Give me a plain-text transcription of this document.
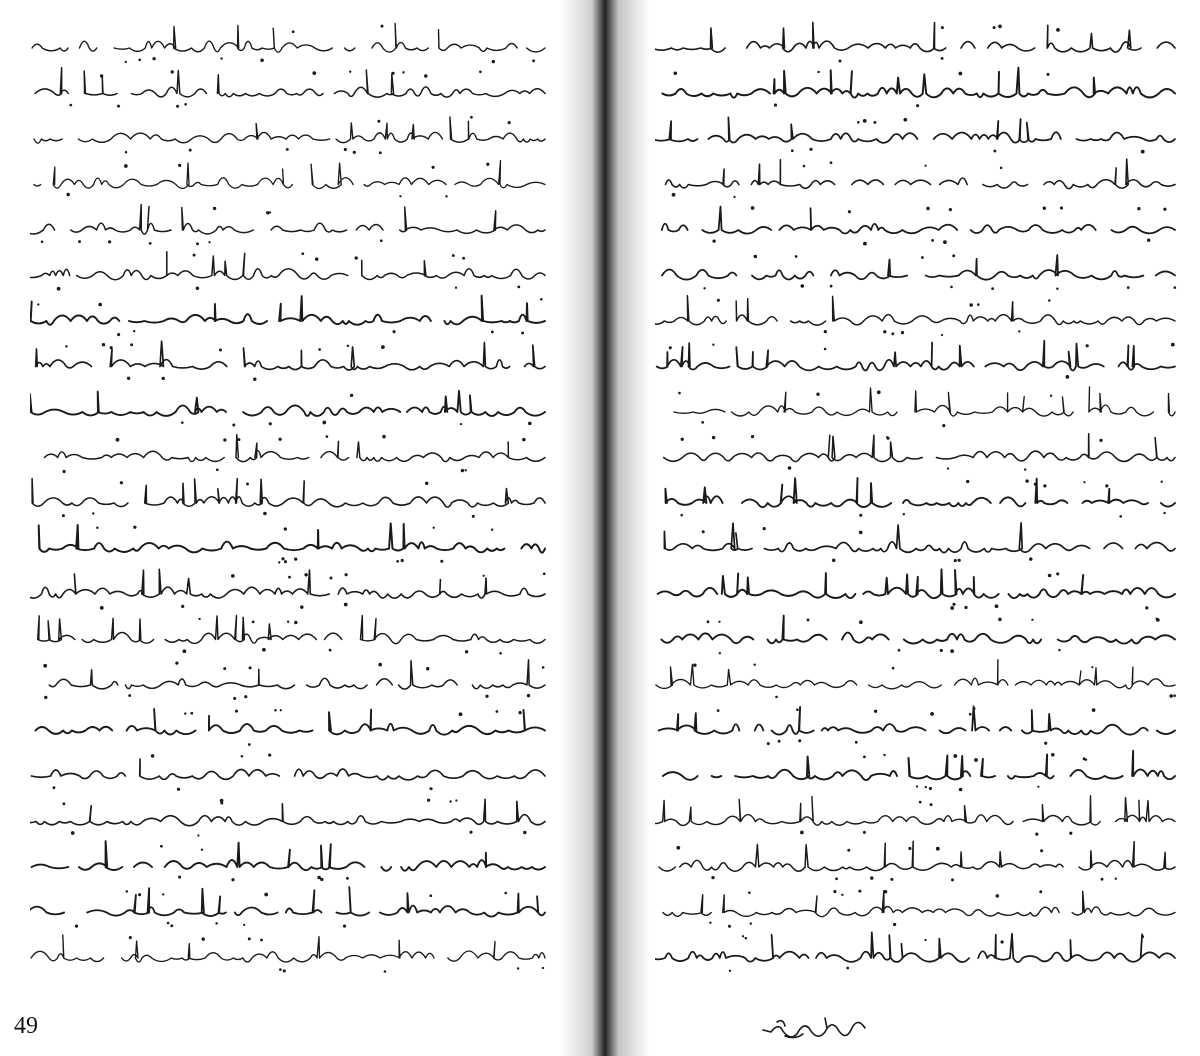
49
